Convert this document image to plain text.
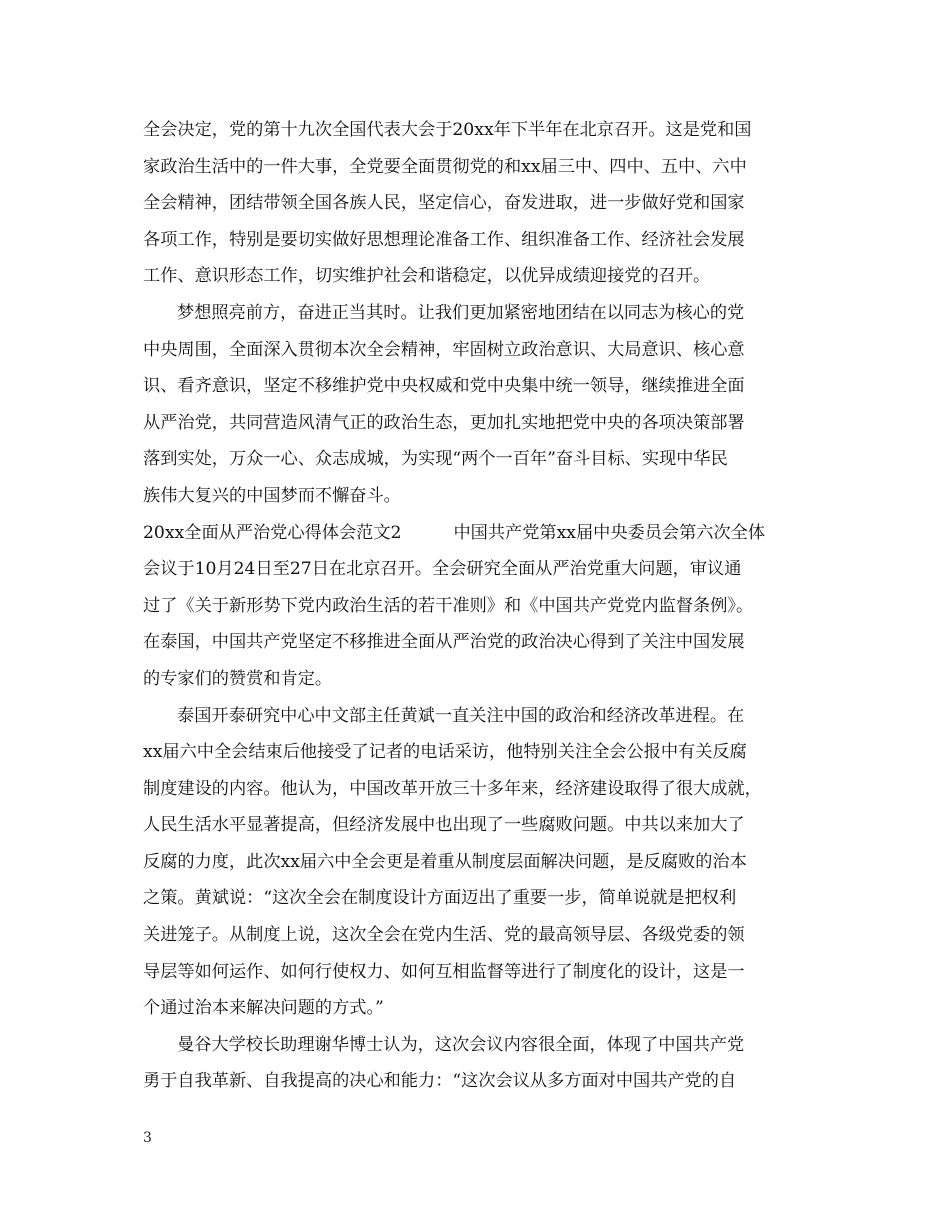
全会决定，党的第十九次全国代表大会于20xx年下半年在北京召开。这是党和国
家政治生活中的一件大事，全党要全面贯彻党的和xx届三中、四中、五中、六中
全会精神，团结带领全国各族人民，坚定信心，奋发进取，进一步做好党和国家
各项工作，特别是要切实做好思想理论准备工作、组织准备工作、经济社会发展
工作、意识形态工作，切实维护社会和谐稳定，以优异成绩迎接党的召开。
梦想照亮前方，奋进正当其时。让我们更加紧密地团结在以同志为核心的党
中央周围，全面深入贯彻本次全会精神，牢固树立政治意识、大局意识、核心意
识、看齐意识，坚定不移维护党中央权威和党中央集中统一领导，继续推进全面
从严治党，共同营造风清气正的政治生态，更加扎实地把党中央的各项决策部署
落到实处，万众一心、众志成城，为实现“两个一百年”奋斗目标、实现中华民
族伟大复兴的中国梦而不懈奋斗。
20xx全面从严治党心得体会范文2	中国共产党第xx届中央委员会第六次全体
会议于10月24日至27日在北京召开。全会研究全面从严治党重大问题，审议通
过了《关于新形势下党内政治生活的若干准则》和《中国共产党党内监督条例》。
在泰国，中国共产党坚定不移推进全面从严治党的政治决心得到了关注中国发展
的专家们的赞赏和肯定。
泰国开泰研究中心中文部主任黄斌一直关注中国的政治和经济改革进程。在
xx届六中全会结束后他接受了记者的电话采访，他特别关注全会公报中有关反腐
制度建设的内容。他认为，中国改革开放三十多年来，经济建设取得了很大成就，
人民生活水平显著提高，但经济发展中也出现了一些腐败问题。中共以来加大了
反腐的力度，此次xx届六中全会更是着重从制度层面解决问题，是反腐败的治本
之策。黄斌说：“这次全会在制度设计方面迈出了重要一步，简单说就是把权利
关进笼子。从制度上说，这次全会在党内生活、党的最高领导层、各级党委的领
导层等如何运作、如何行使权力、如何互相监督等进行了制度化的设计，这是一
个通过治本来解决问题的方式。”
曼谷大学校长助理谢华博士认为，这次会议内容很全面，体现了中国共产党
勇于自我革新、自我提高的决心和能力：“这次会议从多方面对中国共产党的自
3
